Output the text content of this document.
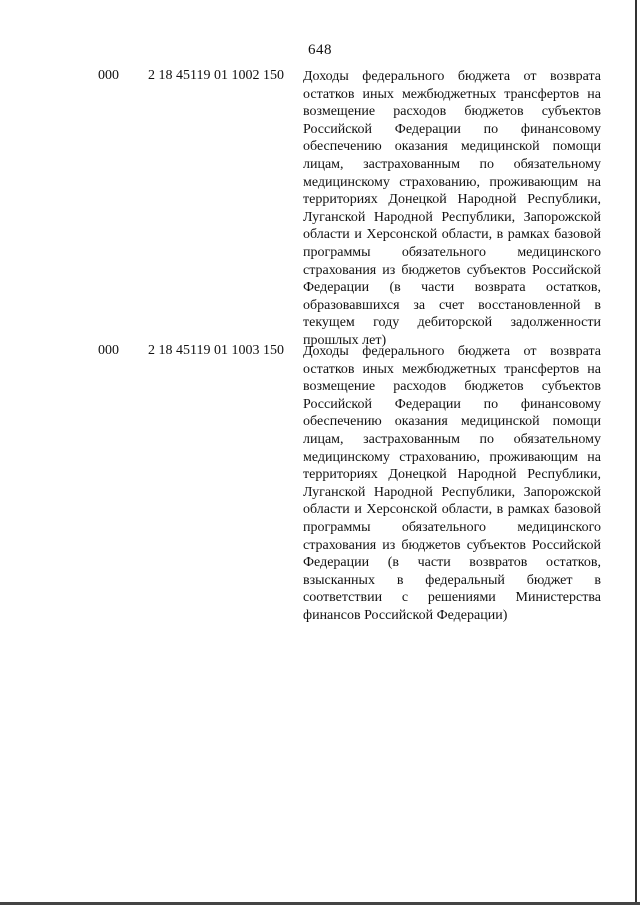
648
000 2 18 45119 01 1002 150 Доходы федерального бюджета от возврата остатков иных межбюджетных трансфертов на возмещение расходов бюджетов субъектов Российской Федерации по финансовому обеспечению оказания медицинской помощи лицам, застрахованным по обязательному медицинскому страхованию, проживающим на территориях Донецкой Народной Республики, Луганской Народной Республики, Запорожской области и Херсонской области, в рамках базовой программы обязательного медицинского страхования из бюджетов субъектов Российской Федерации (в части возврата остатков, образовавшихся за счет восстановленной в текущем году дебиторской задолженности прошлых лет)
000 2 18 45119 01 1003 150 Доходы федерального бюджета от возврата остатков иных межбюджетных трансфертов на возмещение расходов бюджетов субъектов Российской Федерации по финансовому обеспечению оказания медицинской помощи лицам, застрахованным по обязательному медицинскому страхованию, проживающим на территориях Донецкой Народной Республики, Луганской Народной Республики, Запорожской области и Херсонской области, в рамках базовой программы обязательного медицинского страхования из бюджетов субъектов Российской Федерации (в части возвратов остатков, взысканных в федеральный бюджет в соответствии с решениями Министерства финансов Российской Федерации)
